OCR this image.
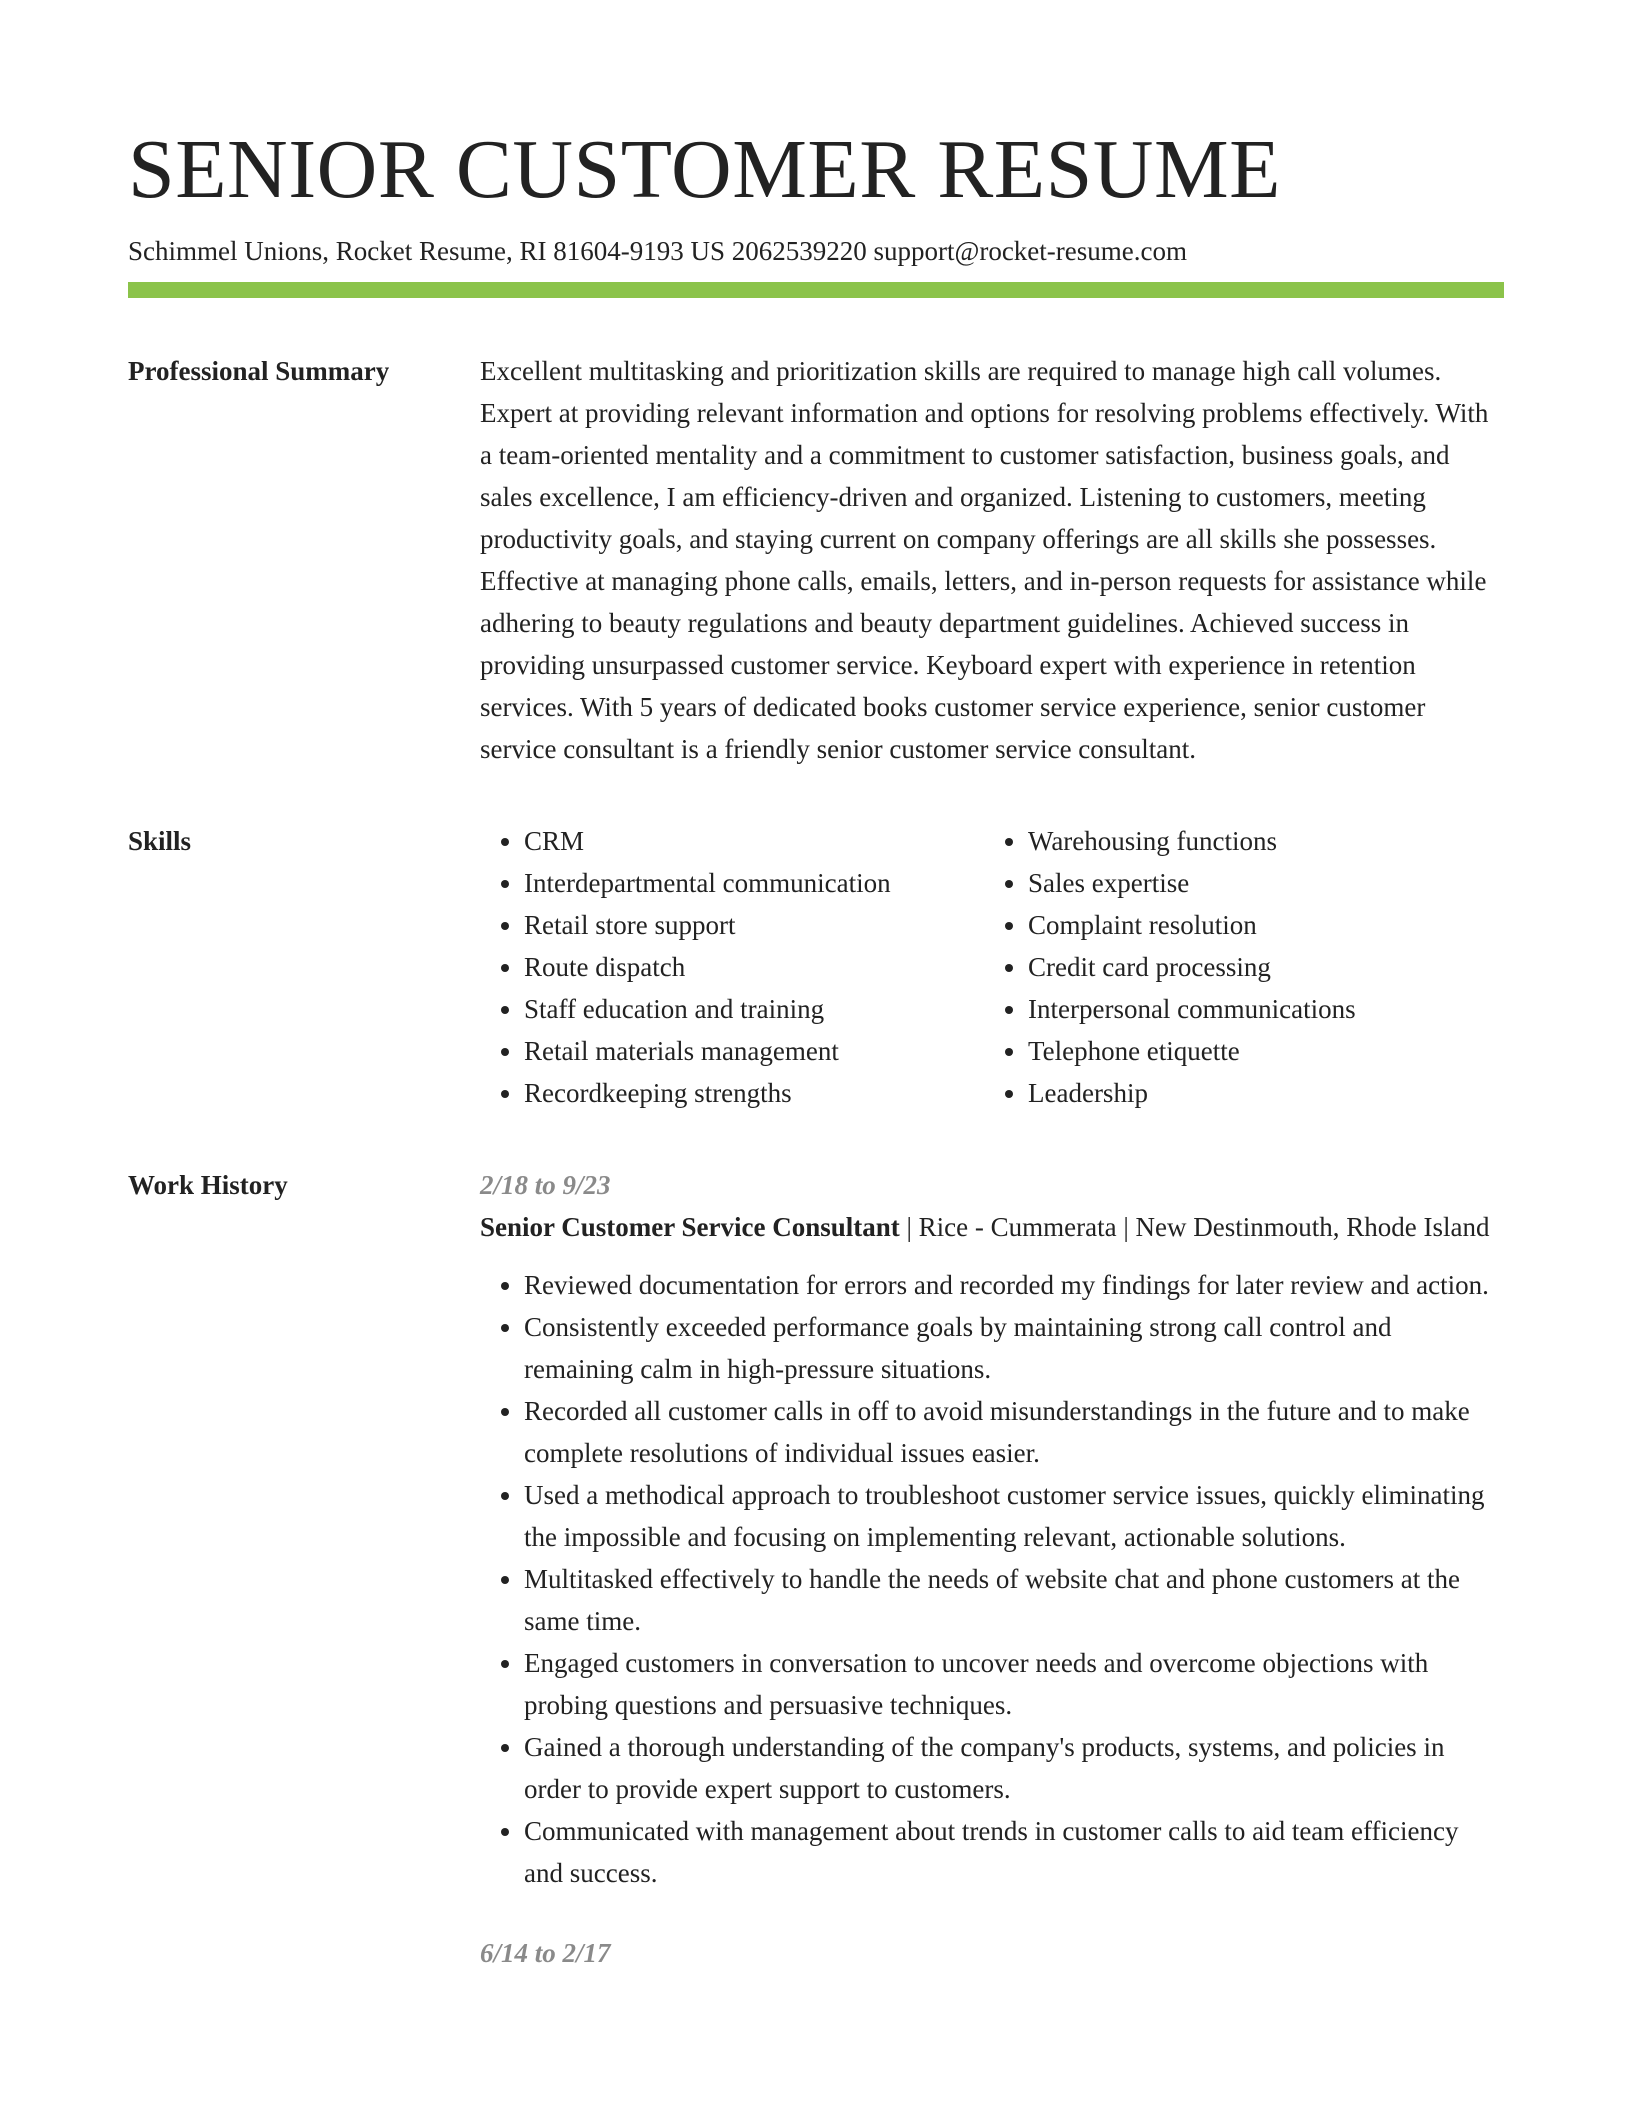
SENIOR CUSTOMER RESUME
Schimmel Unions, Rocket Resume, RI 81604-9193 US 2062539220 support@rocket-resume.com
Professional Summary	Excellent multitasking and prioritization skills are required to manage high call volumes. Expert at providing relevant information and options for resolving problems effectively. With a team-oriented mentality and a commitment to customer satisfaction, business goals, and sales excellence, I am efficiency-driven and organized. Listening to customers, meeting productivity goals, and staying current on company offerings are all skills she possesses. Effective at managing phone calls, emails, letters, and in-person requests for assistance while adhering to beauty regulations and beauty department guidelines. Achieved success in providing unsurpassed customer service. Keyboard expert with experience in retention services. With 5 years of dedicated books customer service experience, senior customer service consultant is a friendly senior customer service consultant.

Skills
•	CRM
• Interdepartmental communication
• Retail store support
• Route dispatch
• Staff education and training
• Retail materials management
• Recordkeeping strengths
• Warehousing functions
• Sales expertise
• Complaint resolution
• Credit card processing
• Interpersonal communications
• Telephone etiquette
• Leadership
Work History	2/18 to 9/23

Senior Customer Service Consultant | Rice - Cummerata | New Destinmouth, Rhode Island

• Reviewed documentation for errors and recorded my findings for later review and action.
• Consistently exceeded performance goals by maintaining strong call control and remaining calm in high-pressure situations.
• Recorded all customer calls in off to avoid misunderstandings in the future and to make complete resolutions of individual issues easier.
• Used a methodical approach to troubleshoot customer service issues, quickly eliminating the impossible and focusing on implementing relevant, actionable solutions.
• Multitasked effectively to handle the needs of website chat and phone customers at the same time.
• Engaged customers in conversation to uncover needs and overcome objections with probing questions and persuasive techniques.
• Gained a thorough understanding of the company's products, systems, and policies in order to provide expert support to customers.
• Communicated with management about trends in customer calls to aid team efficiency and success.
6/14 to 2/17
